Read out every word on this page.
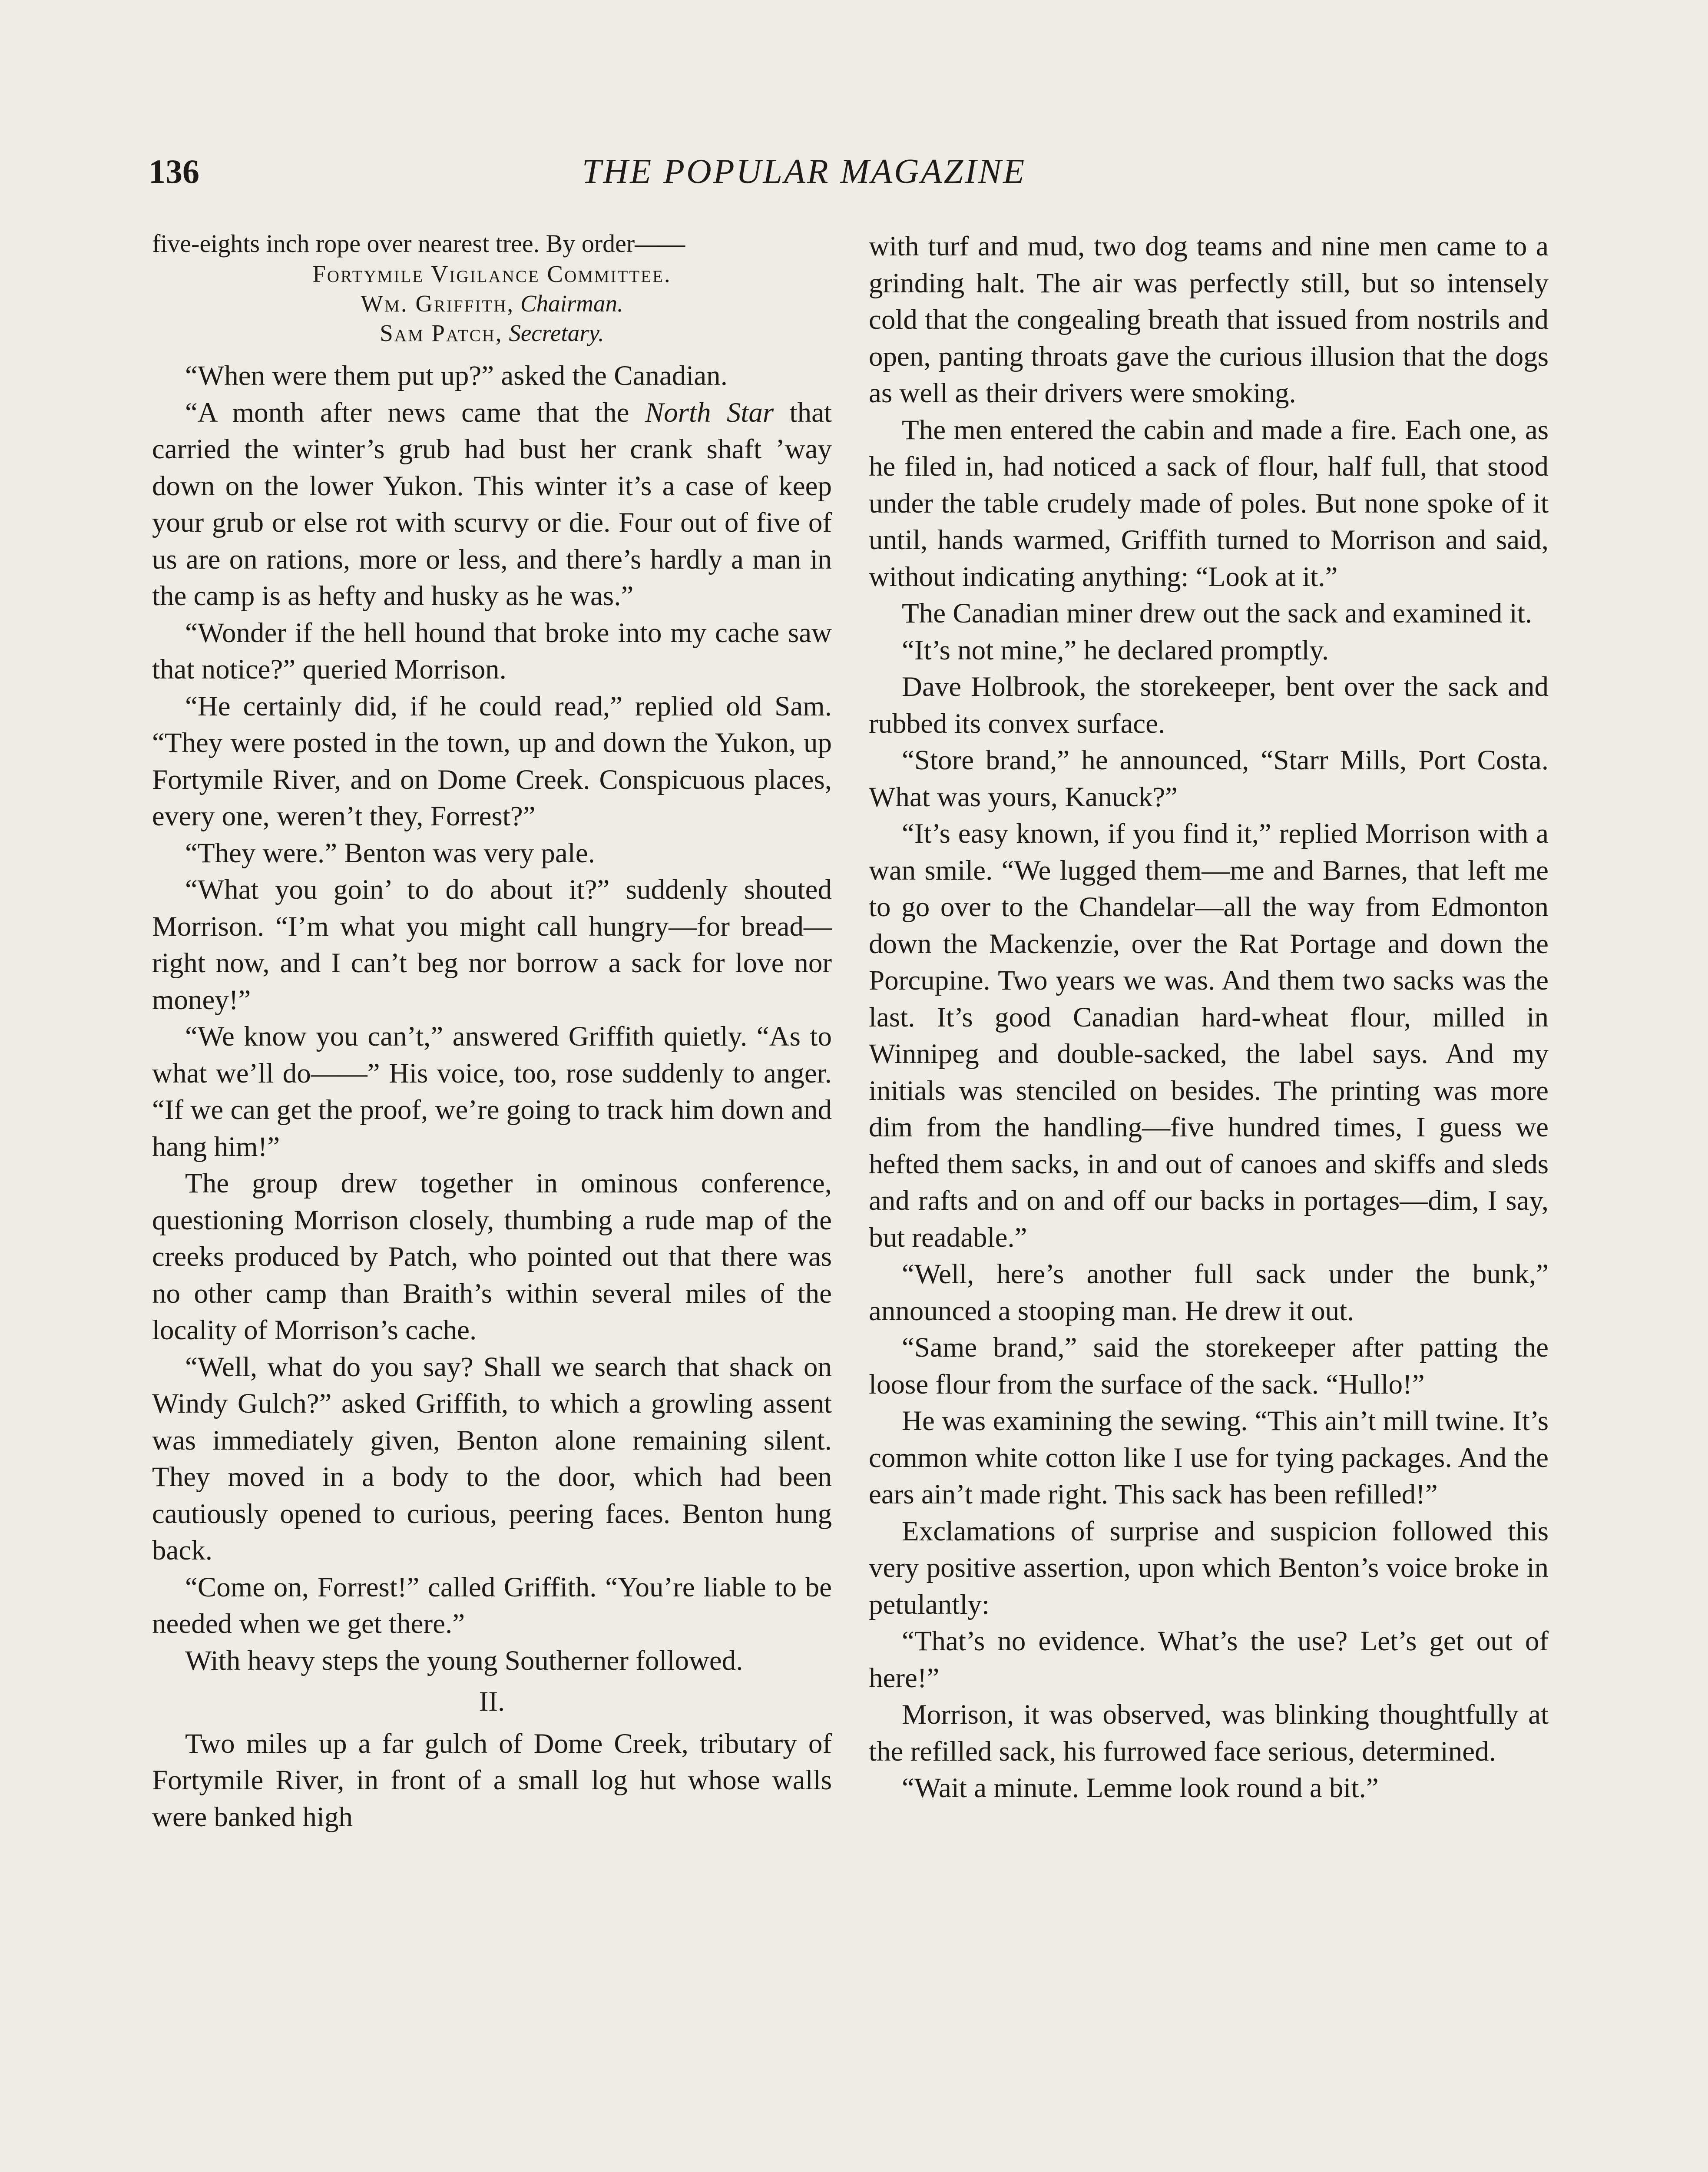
136	THE POPULAR MAGAZINE

five-eights inch rope over nearest tree. By order——

Fortymile Vigilance Committee.
Wm. Griffith, Chairman.
Sam Patch, Secretary.

“When were them put up?” asked the Canadian.

“A month after news came that the North Star that carried the winter’s grub had bust her crank shaft ’way down on the lower Yukon. This winter it’s a case of keep your grub or else rot with scurvy or die. Four out of five of us are on rations, more or less, and there’s hardly a man in the camp is as hefty and husky as he was.”

“Wonder if the hell hound that broke into my cache saw that notice?” queried Morrison.

“He certainly did, if he could read,” replied old Sam. “They were posted in the town, up and down the Yukon, up Fortymile River, and on Dome Creek. Conspicuous places, every one, weren’t they, Forrest?”

“They were.” Benton was very pale.

“What you goin’ to do about it?” suddenly shouted Morrison. “I’m what you might call hungry—for bread—right now, and I can’t beg nor borrow a sack for love nor money!”

“We know you can’t,” answered Griffith quietly. “As to what we’ll do——” His voice, too, rose suddenly to anger. “If we can get the proof, we’re going to track him down and hang him!”

The group drew together in ominous conference, questioning Morrison closely, thumbing a rude map of the creeks produced by Patch, who pointed out that there was no other camp than Braith’s within several miles of the locality of Morrison’s cache.

“Well, what do you say? Shall we search that shack on Windy Gulch?” asked Griffith, to which a growling assent was immediately given, Benton alone remaining silent. They moved in a body to the door, which had been cautiously opened to curious, peering faces. Benton hung back.

“Come on, Forrest!” called Griffith. “You’re liable to be needed when we get there.”

With heavy steps the young Southerner followed.

II.

Two miles up a far gulch of Dome Creek, tributary of Fortymile River, in front of a small log hut whose walls were banked high

with turf and mud, two dog teams and nine men came to a grinding halt. The air was perfectly still, but so intensely cold that the congealing breath that issued from nostrils and open, panting throats gave the curious illusion that the dogs as well as their drivers were smoking.

The men entered the cabin and made a fire. Each one, as he filed in, had noticed a sack of flour, half full, that stood under the table crudely made of poles. But none spoke of it until, hands warmed, Griffith turned to Morrison and said, without indicating anything: “Look at it.”

The Canadian miner drew out the sack and examined it.

“It’s not mine,” he declared promptly.

Dave Holbrook, the storekeeper, bent over the sack and rubbed its convex surface.

“Store brand,” he announced, “Starr Mills, Port Costa. What was yours, Kanuck?”

“It’s easy known, if you find it,” replied Morrison with a wan smile. “We lugged them—me and Barnes, that left me to go over to the Chandelar—all the way from Edmonton down the Mackenzie, over the Rat Portage and down the Porcupine. Two years we was. And them two sacks was the last. It’s good Canadian hard-wheat flour, milled in Winnipeg and double-sacked, the label says. And my initials was stenciled on besides. The printing was more dim from the handling—five hundred times, I guess we hefted them sacks, in and out of canoes and skiffs and sleds and rafts and on and off our backs in portages—dim, I say, but readable.”

“Well, here’s another full sack under the bunk,” announced a stooping man. He drew it out.

“Same brand,” said the storekeeper after patting the loose flour from the surface of the sack. “Hullo!”

He was examining the sewing. “This ain’t mill twine. It’s common white cotton like I use for tying packages. And the ears ain’t made right. This sack has been refilled!”

Exclamations of surprise and suspicion followed this very positive assertion, upon which Benton’s voice broke in petulantly:

“That’s no evidence. What’s the use? Let’s get out of here!”

Morrison, it was observed, was blinking thoughtfully at the refilled sack, his furrowed face serious, determined.

“Wait a minute. Lemme look round a bit.”
